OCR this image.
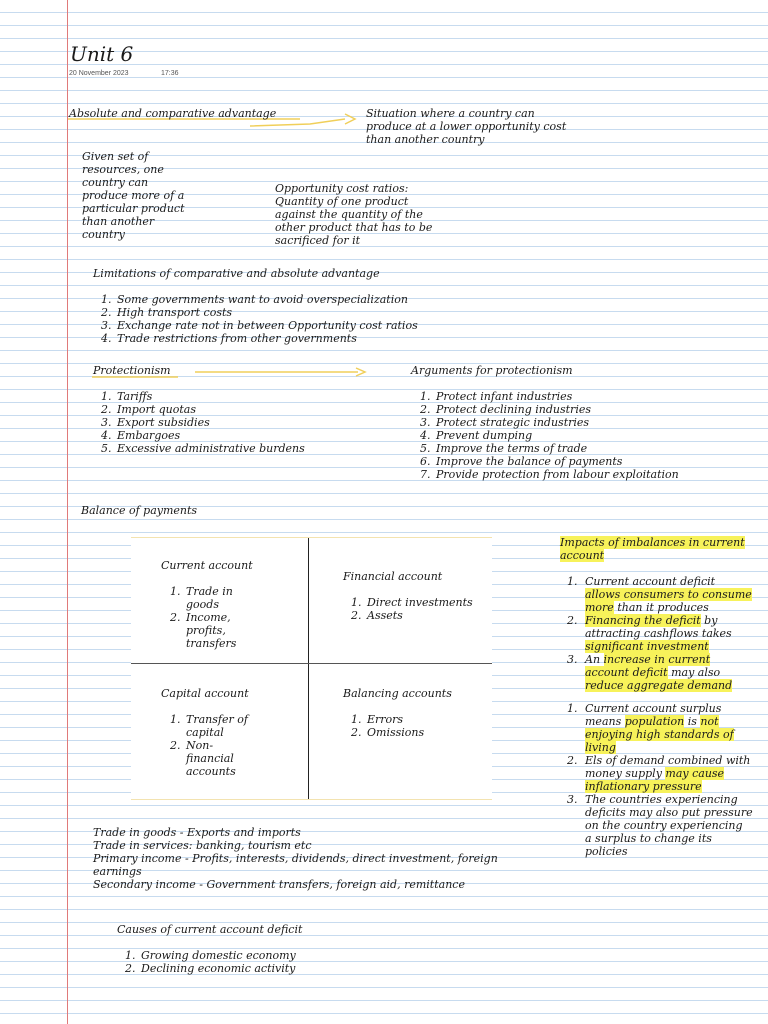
Unit 6
20 November 2023	17:36
Absolute and comparative advantage	Situation where a country can
produce at a lower opportunity cost
than another country
Given set of
resources, one
country can
produce more of a
particular product
than another
country
Opportunity cost ratios:
Quantity of one product
against the quantity of the
other product that has to be
sacrificed for it
Limitations of comparative and absolute advantage
1. Some governments want to avoid overspecialization
2. High transport costs
3. Exchange rate not in between Opportunity cost ratios
4. Trade restrictions from other governments
Protectionism
1. Tariffs
2. Import quotas
3. Export subsidies
4. Embargoes
5. Excessive administrative burdens
Arguments for protectionism
1. Protect infant industries
2. Protect declining industries
3. Protect strategic industries
4. Prevent dumping
5. Improve the terms of trade
6. Improve the balance of payments
7. Provide protection from labour exploitation
Balance of payments
Current account
1. Trade in
goods
2. Income,
profits,
transfers
Financial account
1. Direct investments
2. Assets
Capital account
1. Transfer of
capital
2. Non-
financial
accounts
Balancing accounts
1. Errors
2. Omissions
Impacts of imbalances in current
account
1. Current account deficit
allows consumers to consume
more than it produces
2. Financing the deficit by
attracting cashflows takes
significant investment
3. An increase in current
account deficit may also
reduce aggregate demand
1. Current account surplus
means population is not
enjoying high standards of
living
2. Els of demand combined with
money supply may cause
inflationary pressure
3. The countries experiencing
deficits may also put pressure
on the country experiencing
a surplus to change its
policies
Trade in goods - Exports and imports
Trade in services: banking, tourism etc
Primary income - Profits, interests, dividends, direct investment, foreign
earnings
Secondary income - Government transfers, foreign aid, remittance
Causes of current account deficit
1. Growing domestic economy
2. Declining economic activity
